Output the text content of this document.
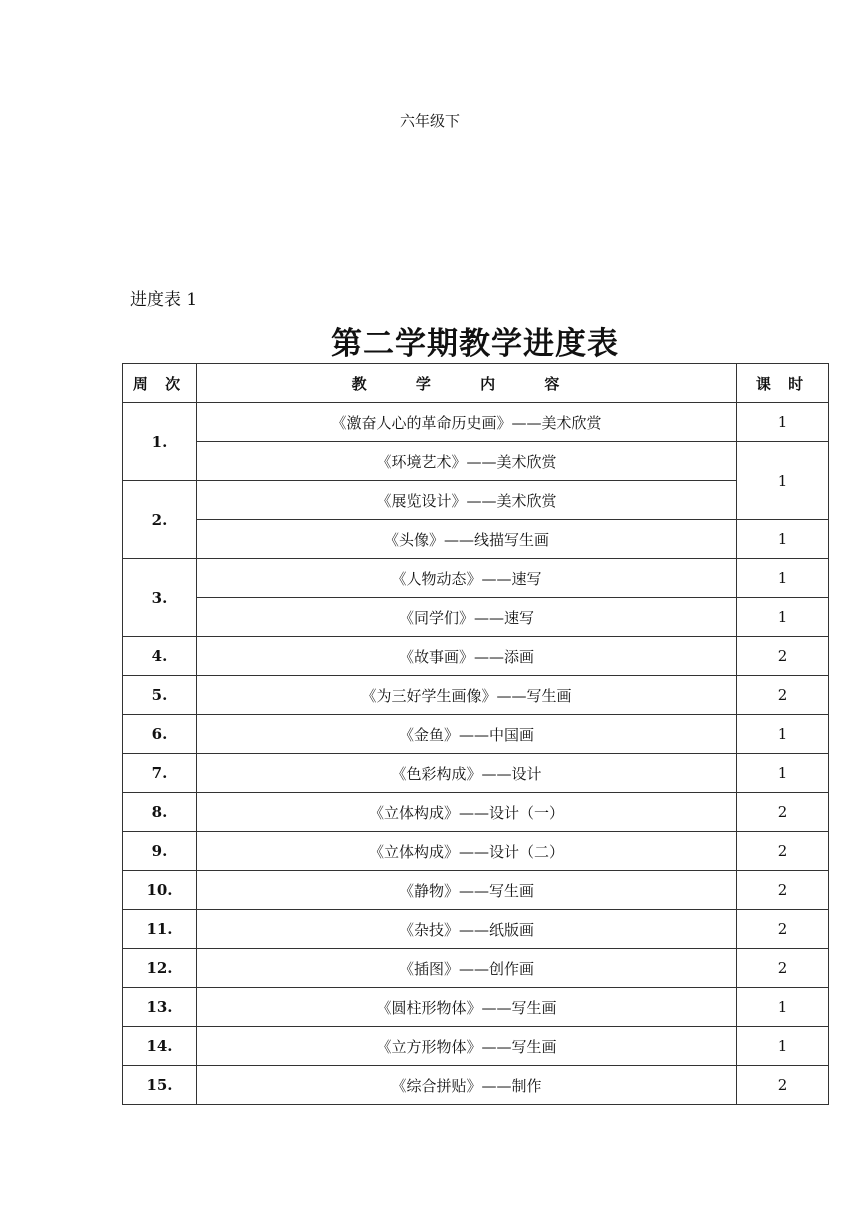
六年级下
进度表 1
第二学期教学进度表
周 次	教 学 内 容	课 时
1.	《激奋人心的革命历史画》——美术欣赏	1
	《环境艺术》——美术欣赏	1
2.	《展览设计》——美术欣赏	
	《头像》——线描写生画	1
3.	《人物动态》——速写	1
	《同学们》——速写	1
4.	《故事画》——添画	2
5.	《为三好学生画像》——写生画	2
6.	《金鱼》——中国画	1
7.	《色彩构成》——设计	1
8.	《立体构成》——设计（一）	2
9.	《立体构成》——设计（二）	2
10.	《静物》——写生画	2
11.	《杂技》——纸版画	2
12.	《插图》——创作画	2
13.	《圆柱形物体》——写生画	1
14.	《立方形物体》——写生画	1
15.	《综合拼贴》——制作	2
